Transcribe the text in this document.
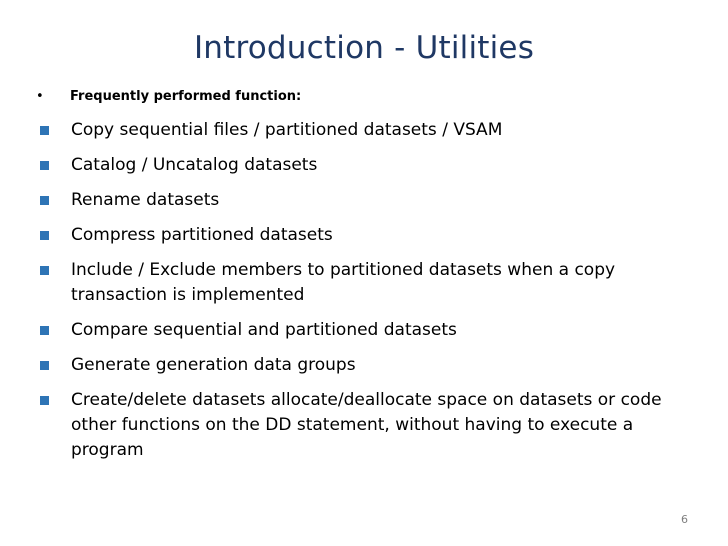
Introduction - Utilities
• Frequently performed function:
Copy sequential files / partitioned datasets / VSAM
Catalog / Uncatalog datasets
Rename datasets
Compress partitioned datasets
Include / Exclude members to partitioned datasets when a copy transaction is implemented
Compare sequential and partitioned datasets
Generate generation data groups
Create/delete datasets allocate/deallocate space on datasets or code other functions on the DD statement, without having to execute a program
6
